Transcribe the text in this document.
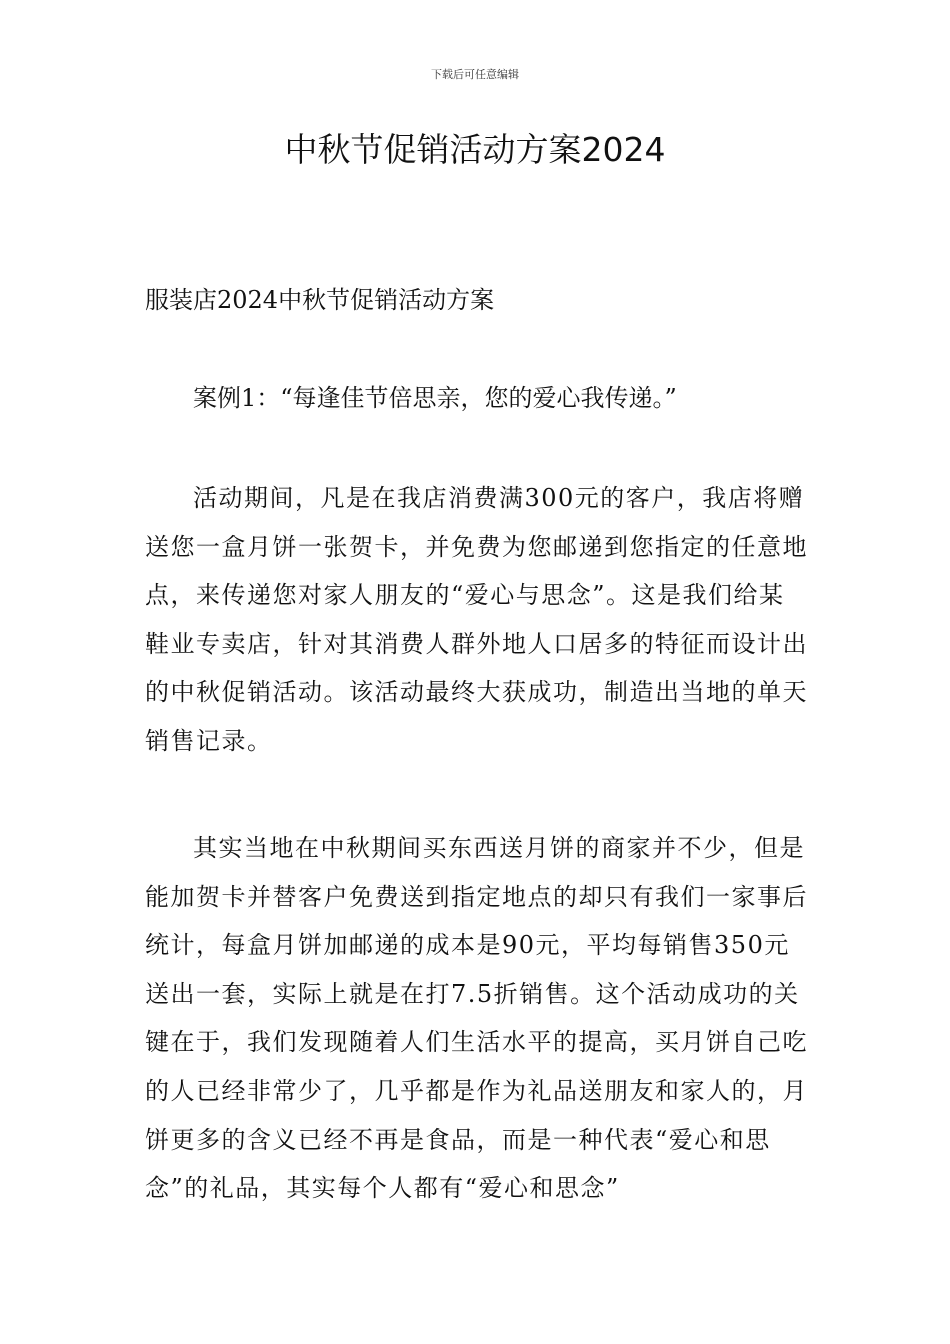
下载后可任意编辑
中秋节促销活动方案2024

服装店2024中秋节促销活动方案

案例1：“每逢佳节倍思亲，您的爱心我传递。”

活动期间，凡是在我店消费满300元的客户，我店将赠送您一盒月饼一张贺卡，并免费为您邮递到您指定的任意地点，来传递您对家人朋友的“爱心与思念”。这是我们给某鞋业专卖店，针对其消费人群外地人口居多的特征而设计出的中秋促销活动。该活动最终大获成功，制造出当地的单天销售记录。

其实当地在中秋期间买东西送月饼的商家并不少，但是能加贺卡并替客户免费送到指定地点的却只有我们一家事后统计，每盒月饼加邮递的成本是90元，平均每销售350元送出一套，实际上就是在打7.5折销售。这个活动成功的关键在于，我们发现随着人们生活水平的提高，买月饼自己吃的人已经非常少了，几乎都是作为礼品送朋友和家人的，月饼更多的含义已经不再是食品，而是一种代表“爱心和思念”的礼品，其实每个人都有“爱心和思念”
